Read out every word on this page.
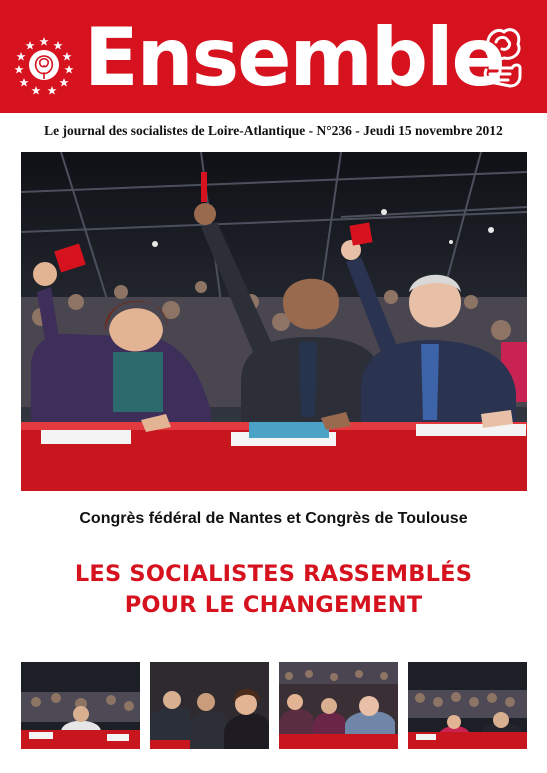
Ensemble
Le journal des socialistes de Loire-Atlantique - N°236 - Jeudi 15 novembre 2012
Congrès fédéral de Nantes et Congrès de Toulouse
LES SOCIALISTES RASSEMBLÉS
POUR LE CHANGEMENT
